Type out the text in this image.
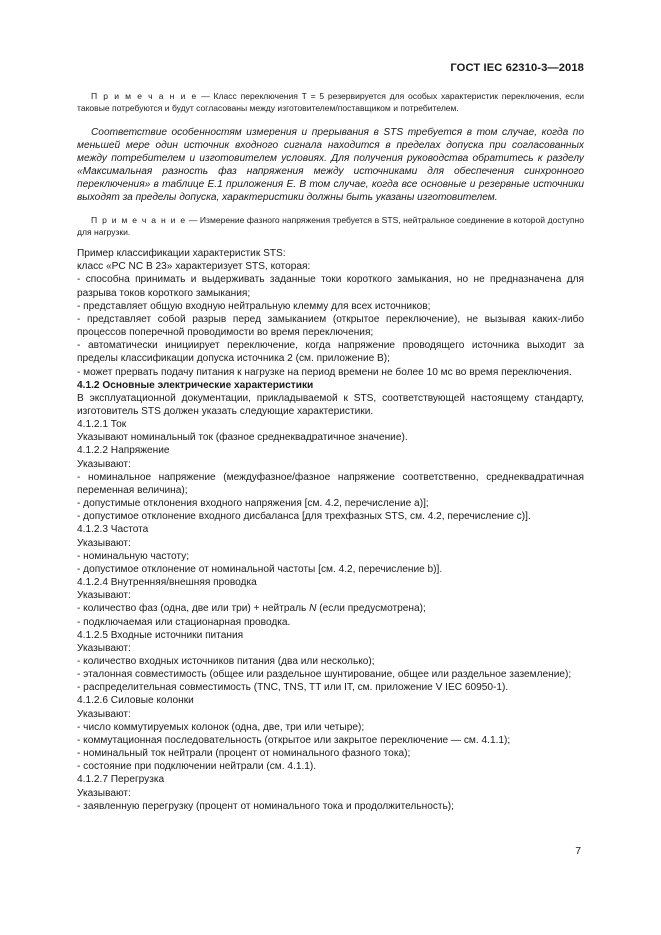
ГОСТ IEC 62310-3—2018

П р и м е ч а н и е — Класс переключения Т = 5 резервируется для особых характеристик переключения, если таковые потребуются и будут согласованы между изготовителем/поставщиком и потребителем.

Соответствие особенностям измерения и прерывания в STS требуется в том случае, когда по меньшей мере один источник входного сигнала находится в пределах допуска при согласованных между потребителем и изготовителем условиях. Для получения руководства обратитесь к разделу «Максимальная разность фаз напряжения между источниками для обеспечения синхронного переключения» в таблице Е.1 приложения Е. В том случае, когда все основные и резервные источники выходят за пределы допуска, характеристики должны быть указаны изготовителем.

П р и м е ч а н и е — Измерение фазного напряжения требуется в STS, нейтральное соединение в которой доступно для нагрузки.

Пример классификации характеристик STS:

класс «PC NC B 23» характеризует STS, которая:

- способна принимать и выдерживать заданные токи короткого замыкания, но не предназначена для разрыва токов короткого замыкания;

- представляет общую входную нейтральную клемму для всех источников;

- представляет собой разрыв перед замыканием (открытое переключение), не вызывая каких-либо процессов поперечной проводимости во время переключения;

- автоматически инициирует переключение, когда напряжение проводящего источника выходит за пределы классификации допуска источника 2 (см. приложение B);

- может прервать подачу питания к нагрузке на период времени не более 10 мс во время переключения.

4.1.2 Основные электрические характеристики

В эксплуатационной документации, прикладываемой к STS, соответствующей настоящему стандарту, изготовитель STS должен указать следующие характеристики.

4.1.2.1 Ток

Указывают номинальный ток (фазное среднеквадратичное значение).

4.1.2.2 Напряжение

Указывают:

- номинальное напряжение (междуфазное/фазное напряжение соответственно, среднеквадратичная переменная величина);

- допустимые отклонения входного напряжения [см. 4.2, перечисление а)];

- допустимое отклонение входного дисбаланса [для трехфазных STS, см. 4.2, перечисление с)].

4.1.2.3 Частота

Указывают:

- номинальную частоту;

- допустимое отклонение от номинальной частоты [см. 4.2, перечисление b)].

4.1.2.4 Внутренняя/внешняя проводка

Указывают:

- количество фаз (одна, две или три) + нейтраль N (если предусмотрена);

- подключаемая или стационарная проводка.

4.1.2.5 Входные источники питания

Указывают:

- количество входных источников питания (два или несколько);

- эталонная совместимость (общее или раздельное шунтирование, общее или раздельное заземление);

- распределительная совместимость (TNC, TNS, TT или IT, см. приложение V IEC 60950-1).

4.1.2.6 Силовые колонки

Указывают:

- число коммутируемых колонок (одна, две, три или четыре);

- коммутационная последовательность (открытое или закрытое переключение — см. 4.1.1);

- номинальный ток нейтрали (процент от номинального фазного тока);

- состояние при подключении нейтрали (см. 4.1.1).

4.1.2.7 Перегрузка

Указывают:

- заявленную перегрузку (процент от номинального тока и продолжительность);

7
